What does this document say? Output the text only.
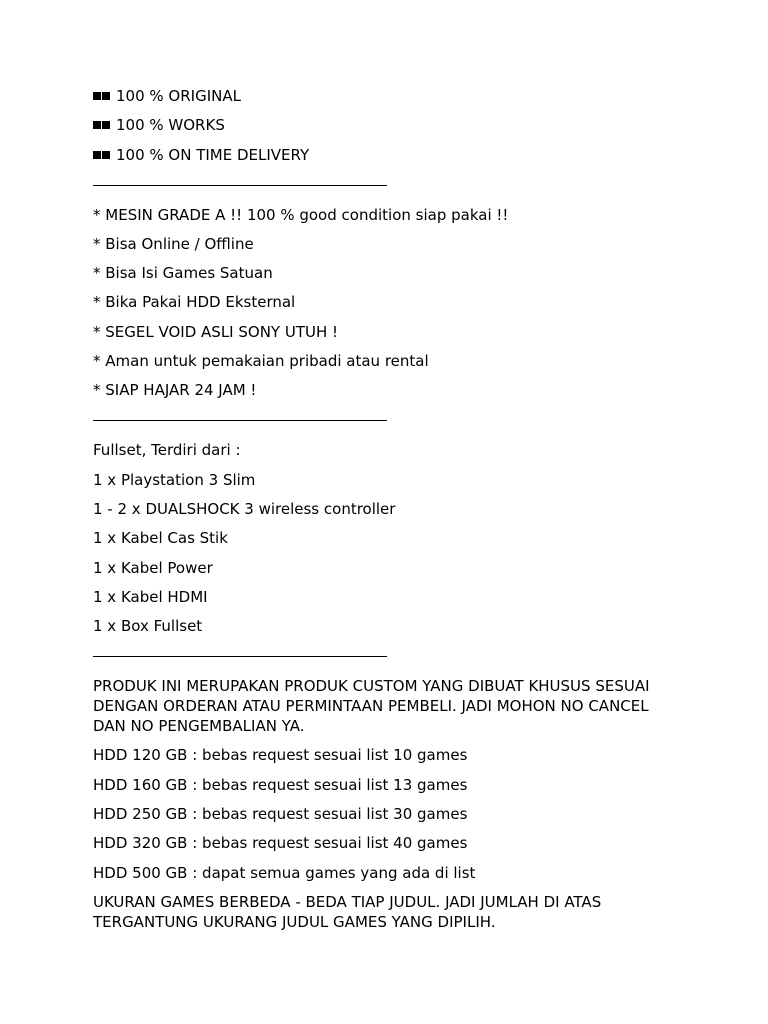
100 % ORIGINAL
100 % WORKS
100 % ON TIME DELIVERY
* MESIN GRADE A !! 100 % good condition siap pakai !!
* Bisa Online / Offline
* Bisa Isi Games Satuan
* Bika Pakai HDD Eksternal
* SEGEL VOID ASLI SONY UTUH !
* Aman untuk pemakaian pribadi atau rental
* SIAP HAJAR 24 JAM !
Fullset, Terdiri dari :
1 x Playstation 3 Slim
1 - 2 x DUALSHOCK 3 wireless controller
1 x Kabel Cas Stik
1 x Kabel Power
1 x Kabel HDMI
1 x Box Fullset
PRODUK INI MERUPAKAN PRODUK CUSTOM YANG DIBUAT KHUSUS SESUAI DENGAN ORDERAN ATAU PERMINTAAN PEMBELI. JADI MOHON NO CANCEL DAN NO PENGEMBALIAN YA.
HDD 120 GB : bebas request sesuai list 10 games
HDD 160 GB : bebas request sesuai list 13 games
HDD 250 GB : bebas request sesuai list 30 games
HDD 320 GB : bebas request sesuai list 40 games
HDD 500 GB : dapat semua games yang ada di list
UKURAN GAMES BERBEDA - BEDA TIAP JUDUL. JADI JUMLAH DI ATAS TERGANTUNG UKURANG JUDUL GAMES YANG DIPILIH.
